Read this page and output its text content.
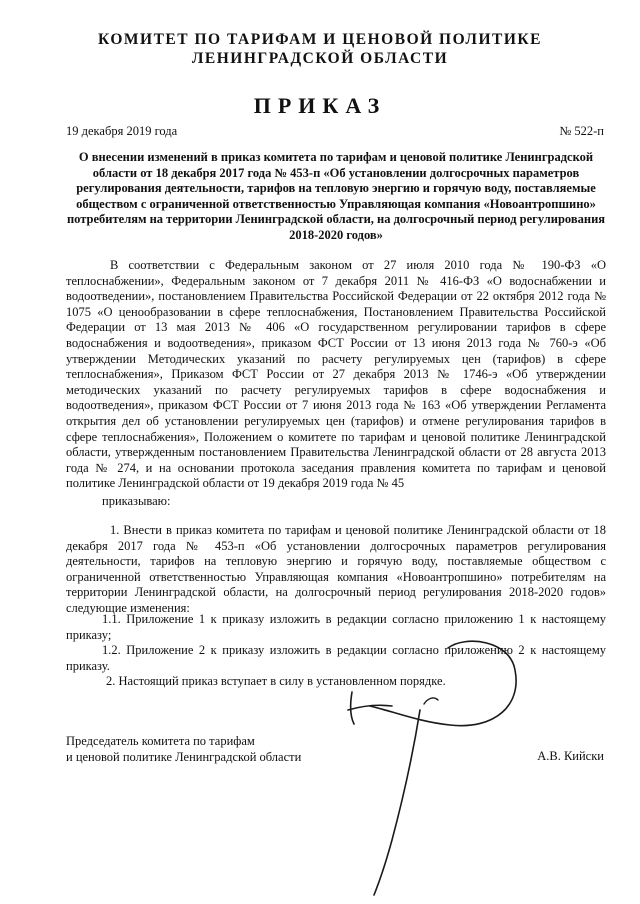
КОМИТЕТ ПО ТАРИФАМ И ЦЕНОВОЙ ПОЛИТИКЕ
ЛЕНИНГРАДСКОЙ ОБЛАСТИ
ПРИКАЗ
19 декабря 2019 года	№ 522-п
О внесении изменений в приказ комитета по тарифам и ценовой политике Ленинградской области от 18 декабря 2017 года № 453-п «Об установлении долгосрочных параметров регулирования деятельности, тарифов на тепловую энергию и горячую воду, поставляемые обществом с ограниченной ответственностью Управляющая компания «Новоантропшино» потребителям на территории Ленинградской области, на долгосрочный период регулирования 2018-2020 годов»

В соответствии с Федеральным законом от 27 июля 2010 года № 190-ФЗ «О теплоснабжении», Федеральным законом от 7 декабря 2011 № 416-ФЗ «О водоснабжении и водоотведении», постановлением Правительства Российской Федерации от 22 октября 2012 года № 1075 «О ценообразовании в сфере теплоснабжения, Постановлением Правительства Российской Федерации от 13 мая 2013 № 406 «О государственном регулировании тарифов в сфере водоснабжения и водоотведения», приказом ФСТ России от 13 июня 2013 года № 760-э «Об утверждении Методических указаний по расчету регулируемых цен (тарифов) в сфере теплоснабжения», Приказом ФСТ России от 27 декабря 2013 № 1746-э «Об утверждении методических указаний по расчету регулируемых тарифов в сфере водоснабжения и водоотведения», приказом ФСТ России от 7 июня 2013 года № 163 «Об утверждении Регламента открытия дел об установлении регулируемых цен (тарифов) и отмене регулирования тарифов в сфере теплоснабжения», Положением о комитете по тарифам и ценовой политике Ленинградской области, утвержденным постановлением Правительства Ленинградской области от 28 августа 2013 года № 274, и на основании протокола заседания правления комитета по тарифам и ценовой политике Ленинградской области от 19 декабря 2019 года № 45

приказываю:

1. Внести в приказ комитета по тарифам и ценовой политике Ленинградской области от 18 декабря 2017 года № 453-п «Об установлении долгосрочных параметров регулирования деятельности, тарифов на тепловую энергию и горячую воду, поставляемые обществом с ограниченной ответственностью Управляющая компания «Новоантропшино» потребителям на территории Ленинградской области, на долгосрочный период регулирования 2018-2020 годов» следующие изменения:

1.1. Приложение 1 к приказу изложить в редакции согласно приложению 1 к настоящему приказу;

1.2. Приложение 2 к приказу изложить в редакции согласно приложению 2 к настоящему приказу.

2. Настоящий приказ вступает в силу в установленном порядке.

Председатель комитета по тарифам
и ценовой политике Ленинградской области	А.В. Кийски
